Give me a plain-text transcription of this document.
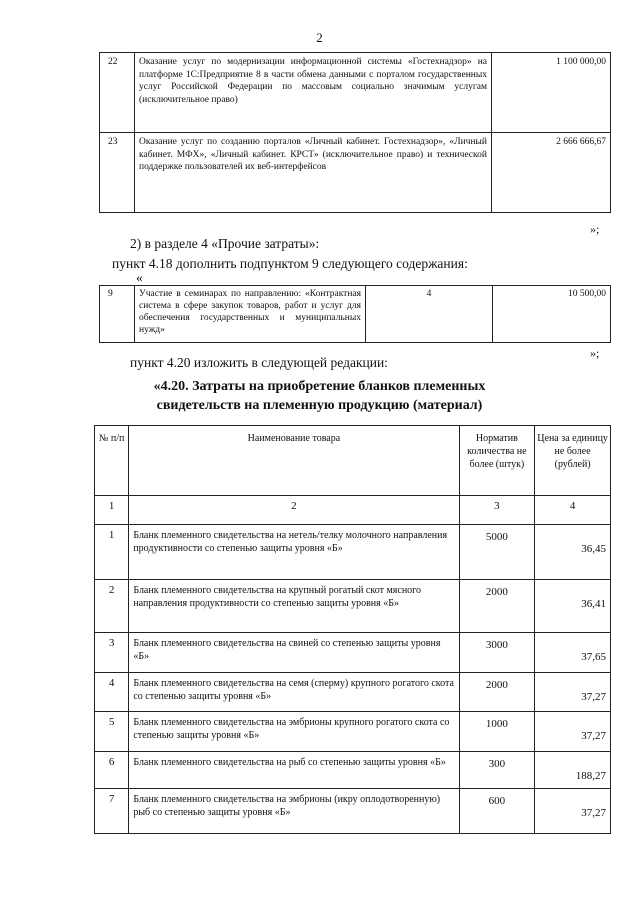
2
22	Оказание услуг по модернизации информационной системы «Гостехнадзор» на платформе 1С:Предприятие 8 в части обмена данными с порталом государственных услуг Российской Федерации по массовым социально значимым услугам (исключительное право)	1 100 000,00
23	Оказание услуг по созданию порталов «Личный кабинет. Гостехнадзор», «Личный кабинет. МФХ», «Личный кабинет. КРСТ» (исключительное право) и технической поддержке пользователей их веб-интерфейсов	2 666 666,67
»;
2) в разделе 4 «Прочие затраты»:
пункт 4.18 дополнить подпунктом 9 следующего содержания:
«
9	Участие в семинарах по направлению: «Контрактная система в сфере закупок товаров, работ и услуг для обеспечения государственных и муниципальных нужд»	4	10 500,00
»;
пункт 4.20 изложить в следующей редакции:
«4.20. Затраты на приобретение бланков племенных
свидетельств на племенную продукцию (материал)
№ п/п	Наименование товара	Норматив количества не более (штук)	Цена за единицу не более (рублей)
1	2	3	4
1	Бланк племенного свидетельства на нетель/телку молочного направления продуктивности со степенью защиты уровня «Б»	5000	36,45
2	Бланк племенного свидетельства на крупный рогатый скот мясного направления продуктивности со степенью защиты уровня «Б»	2000	36,41
3	Бланк племенного свидетельства на свиней со степенью защиты уровня «Б»	3000	37,65
4	Бланк племенного свидетельства на семя (сперму) крупного рогатого скота со степенью защиты уровня «Б»	2000	37,27
5	Бланк племенного свидетельства на эмбрионы крупного рогатого скота со степенью защиты уровня «Б»	1000	37,27
6	Бланк племенного свидетельства на рыб со степенью защиты уровня «Б»	300	188,27
7	Бланк племенного свидетельства на эмбрионы (икру оплодотворенную) рыб со степенью защиты уровня «Б»	600	37,27
